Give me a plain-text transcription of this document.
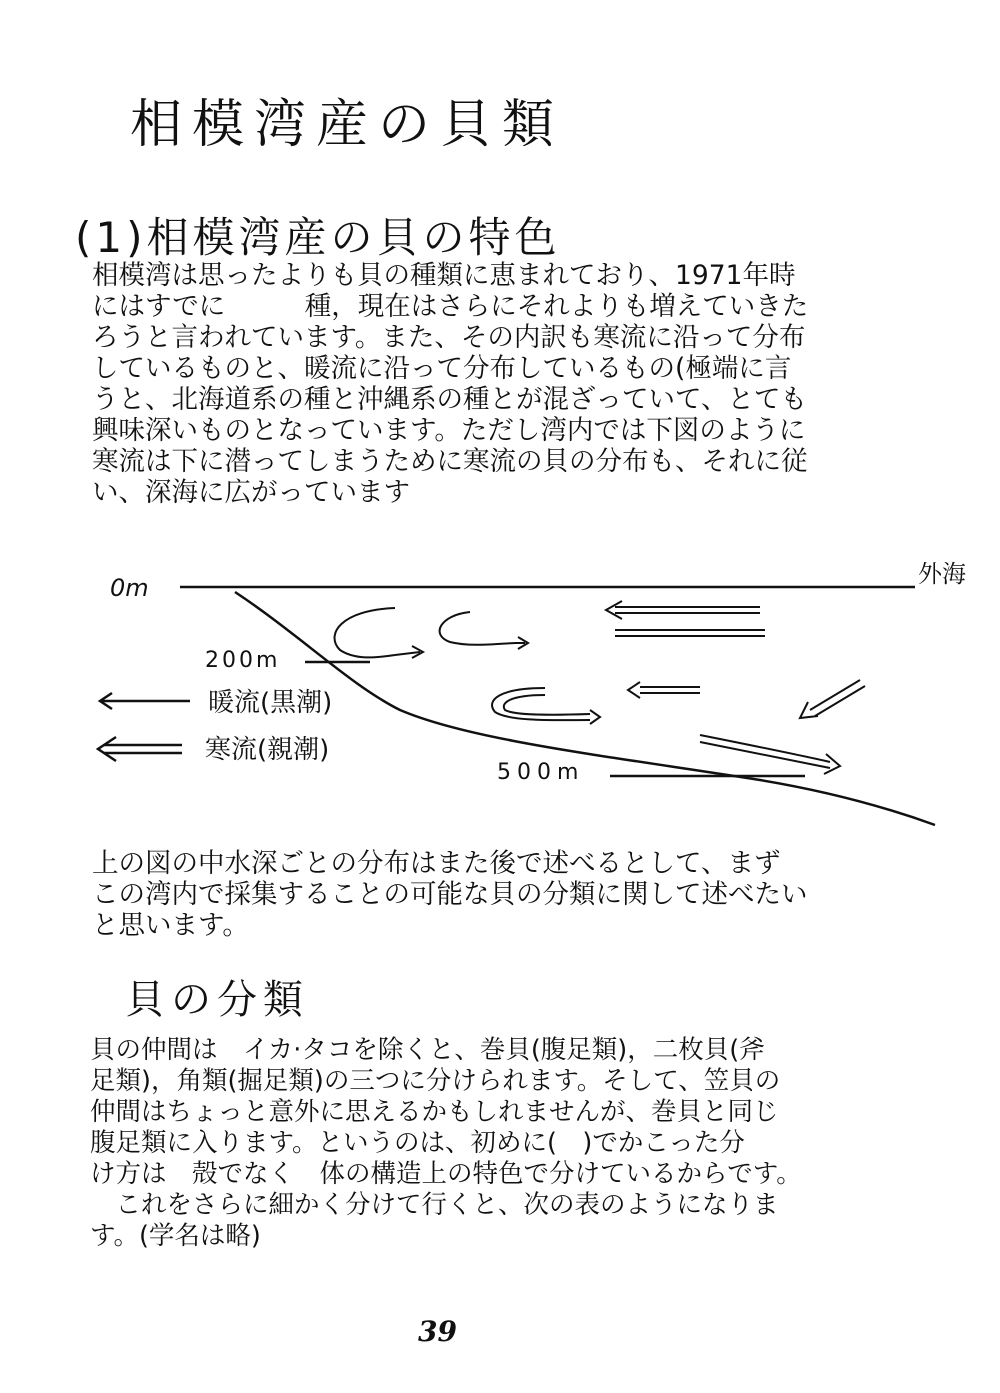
相模湾産の貝類
(1)相模湾産の貝の特色
相模湾は思ったよりも貝の種類に恵まれており、1971年時
にはすでに　　　種，現在はさらにそれよりも増えていきた
ろうと言われています。また、その内訳も寒流に沿って分布
しているものと、暖流に沿って分布しているもの(極端に言
うと、北海道系の種と沖縄系の種とが混ざっていて、とても
興味深いものとなっています。ただし湾内では下図のように
寒流は下に潜ってしまうために寒流の貝の分布も、それに従
い、深海に広がっています
0m
200m
500m
外海
暖流(黒潮)
寒流(親潮)
上の図の中水深ごとの分布はまた後で述べるとして、まず
この湾内で採集することの可能な貝の分類に関して述べたい
と思います。
貝の分類
貝の仲間は　イカ·タコを除くと、巻貝(腹足類)，二枚貝(斧
足類)，角類(掘足類)の三つに分けられます。そして、笠貝の
仲間はちょっと意外に思えるかもしれませんが、巻貝と同じ
腹足類に入ります。というのは、初めに(　)でかこった分
け方は　殻でなく　体の構造上の特色で分けているからです。
　これをさらに細かく分けて行くと、次の表のようになりま
す。(学名は略)
39
